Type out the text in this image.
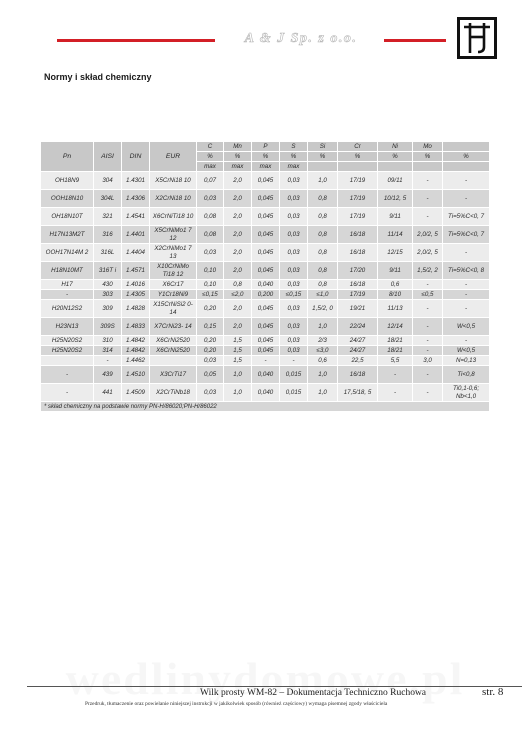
A & J Sp. z o.o.
Normy i skład chemiczny
Pn	AISI	DIN	EUR	C	Mn	P	S	Si	Cr	Ni	Mo	
				%	%	%	%	%	%	%	%	%
				max	max	max	max					
OH18N9	304	1.4301	X5CrNi18 10	0,07	2,0	0,045	0,03	1,0	17/19	09/11	-	-
OOH18N10	304L	1.4306	X2CrNi18 10	0,03	2,0	0,045	0,03	0,8	17/19	10/12, 5	-	-
OH18N10T	321	1.4541	X6CrNiTi18 10	0,08	2,0	0,045	0,03	0,8	17/19	9/11	-	Ti=5%C<0, 7
H17N13M2T	316	1.4401	X5CrNiMo1 7 12	0,08	2,0	0,045	0,03	0,8	16/18	11/14	2,0/2, 5	Ti=5%C<0, 7
OOH17N14M 2	316L	1.4404	X2CrNiMo1 7 13	0,03	2,0	0,045	0,03	0,8	16/18	12/15	2,0/2, 5	-
H18N10MT	316T i	1.4571	X10CrNiMo Ti18 12	0,10	2,0	0,045	0,03	0,8	17/20	9/11	1,5/2, 2	Ti=5%C<0, 8
H17	430	1.4016	X6Cr17	0,10	0,8	0,040	0,03	0,8	16/18	0,6	-	-
-	303	1.4305	Y1Cr18Ni9	≤0,15	≤2,0	0,200	≤0,15	≤1,0	17/19	8/10	≤0,5	-
H20N12S2	309	1.4828	X15CrNiSi2 0-14	0,20	2,0	0,045	0,03	1,5/2, 0	19/21	11/13	-	-
H23N13	309S	1.4833	X7CrNi23- 14	0,15	2,0	0,045	0,03	1,0	22/24	12/14	-	W<0,5
H25N20S2	310	1.4842	X6CrNi2520	0,20	1,5	0,045	0,03	2/3	24/27	18/21	-	-
H25N20S2	314	1.4842	X6CrNi2520	0,20	1,5	0,045	0,03	≤3,0	24/27	18/21	-	W<0,5
	-	1.4462		0,03	1,5	-	-	0,6	22,5	5,5	3,0	N=0,13
-	439	1.4510	X3CrTi17	0,05	1,0	0,040	0,015	1,0	16/18	-	-	Ti<0,8
-	441	1.4509	X2CrTiNb18	0,03	1,0	0,040	0,015	1,0	17,5/18, 5	-	-	Ti0,1-0,6; Nb<1,0
* skład chemiczny na podstawie normy PN-H/86020;PN-H/86022												
Wilk prosty WM-82 – Dokumentacja Techniczno Ruchowa	str. 8
Przedruk, tłumaczenie oraz powielanie niniejszej instrukcji w jakikolwiek sposób (również częściowy) wymaga pisemnej zgody właściciela
